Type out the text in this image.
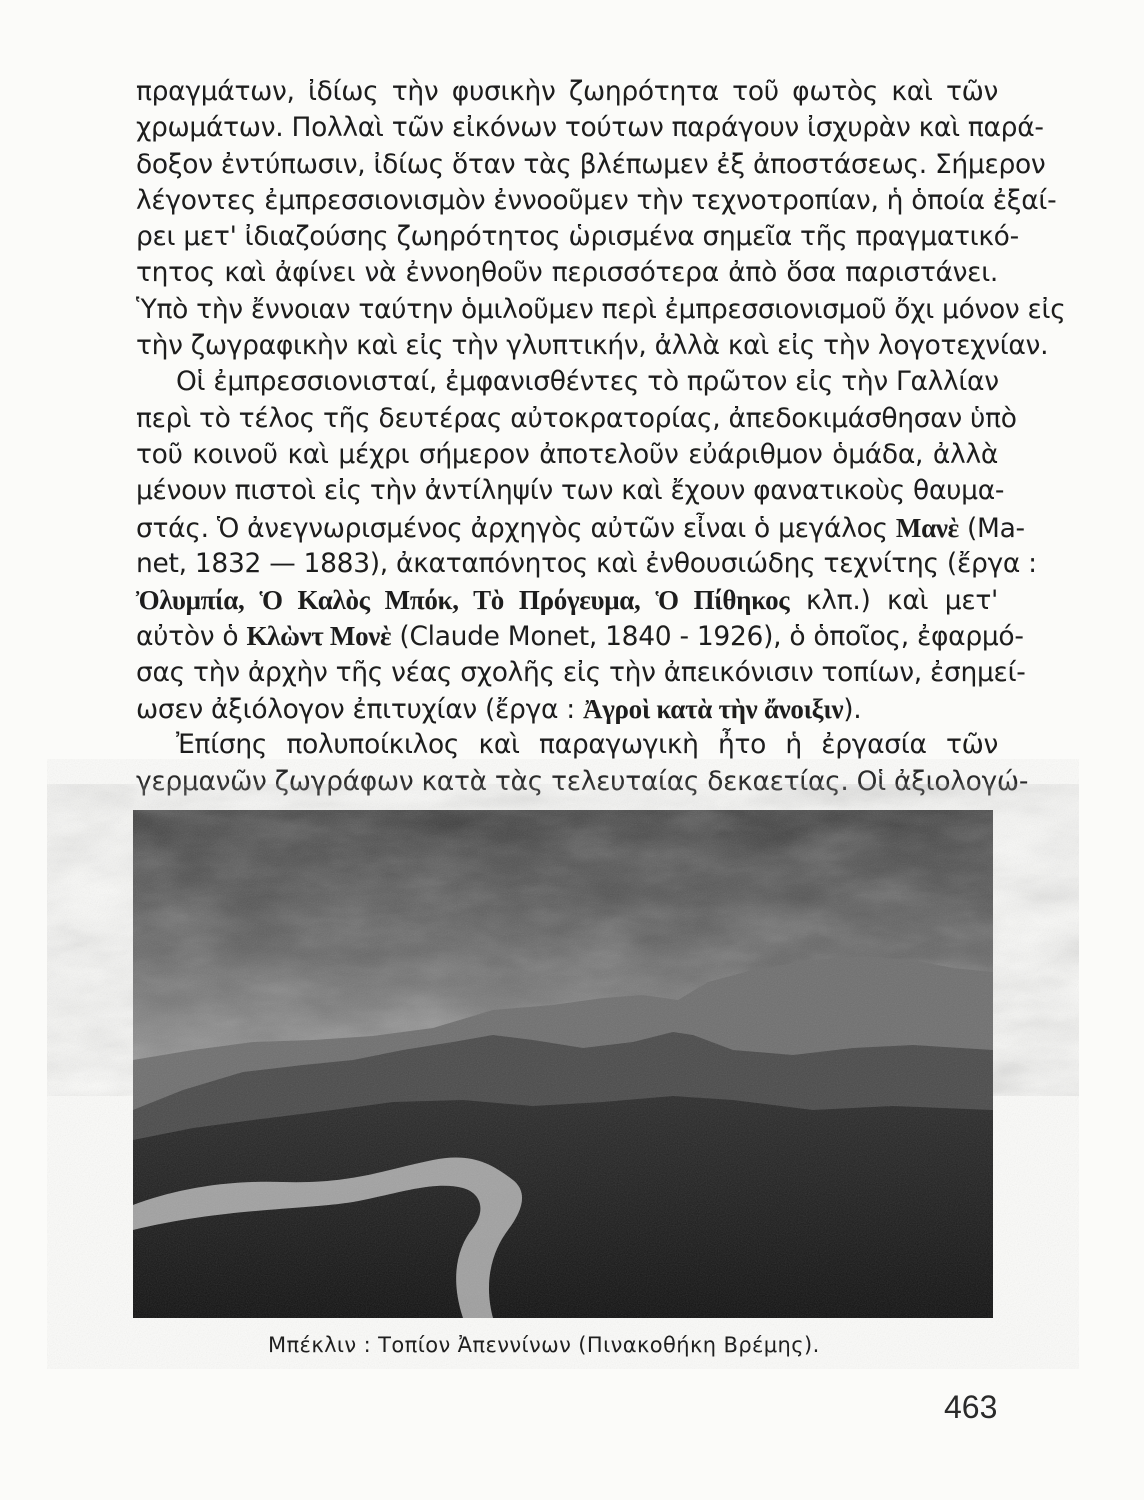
πραγμάτων, ἰδίως τὴν φυσικὴν ζωηρότητα τοῦ φωτὸς καὶ τῶν
χρωμάτων. Πολλαὶ τῶν εἰκόνων τούτων παράγουν ἰσχυρὰν καὶ παρά-
δοξον ἐντύπωσιν, ἰδίως ὅταν τὰς βλέπωμεν ἐξ ἀποστάσεως. Σήμερον
λέγοντες ἐμπρεσσιονισμὸν ἐννοοῦμεν τὴν τεχνοτροπίαν, ἡ ὁποία ἐξαί-
ρει μετ' ἰδιαζούσης ζωηρότητος ὡρισμένα σημεῖα τῆς πραγματικό-
τητος καὶ ἀφίνει νὰ ἐννοηθοῦν περισσότερα ἀπὸ ὅσα παριστάνει.
Ὑπὸ τὴν ἔννοιαν ταύτην ὁμιλοῦμεν περὶ ἐμπρεσσιονισμοῦ ὄχι μόνον εἰς
τὴν ζωγραφικὴν καὶ εἰς τὴν γλυπτικήν, ἀλλὰ καὶ εἰς τὴν λογοτεχνίαν.
Οἱ ἐμπρεσσιονισταί, ἐμφανισθέντες τὸ πρῶτον εἰς τὴν Γαλλίαν
περὶ τὸ τέλος τῆς δευτέρας αὐτοκρατορίας, ἀπεδοκιμάσθησαν ὑπὸ
τοῦ κοινοῦ καὶ μέχρι σήμερον ἀποτελοῦν εὐάριθμον ὁμάδα, ἀλλὰ
μένουν πιστοὶ εἰς τὴν ἀντίληψίν των καὶ ἔχουν φανατικοὺς θαυμα-
στάς. Ὁ ἀνεγνωρισμένος ἀρχηγὸς αὐτῶν εἶναι ὁ μεγάλος Μανὲ (Ma-
net, 1832 — 1883), ἀκαταπόνητος καὶ ἐνθουσιώδης τεχνίτης (ἔργα :
Ὀλυμπία, Ὁ Καλὸς Μπόκ, Τὸ Πρόγευμα, Ὁ Πίθηκος κλπ.) καὶ μετ'
αὐτὸν ὁ Κλὼντ Μονὲ (Claude Monet, 1840 - 1926), ὁ ὁποῖος, ἐφαρμό-
σας τὴν ἀρχὴν τῆς νέας σχολῆς εἰς τὴν ἀπεικόνισιν τοπίων, ἐσημεί-
ωσεν ἀξιόλογον ἐπιτυχίαν (ἔργα : Ἀγροὶ κατὰ τὴν ἄνοιξιν).
Ἐπίσης πολυποίκιλος καὶ παραγωγικὴ ἦτο ἡ ἐργασία τῶν
γερμανῶν ζωγράφων κατὰ τὰς τελευταίας δεκαετίας. Οἱ ἀξιολογώ-
Μπέκλιν : Τοπίον Ἀπεννίνων (Πινακοθήκη Βρέμης).
463
